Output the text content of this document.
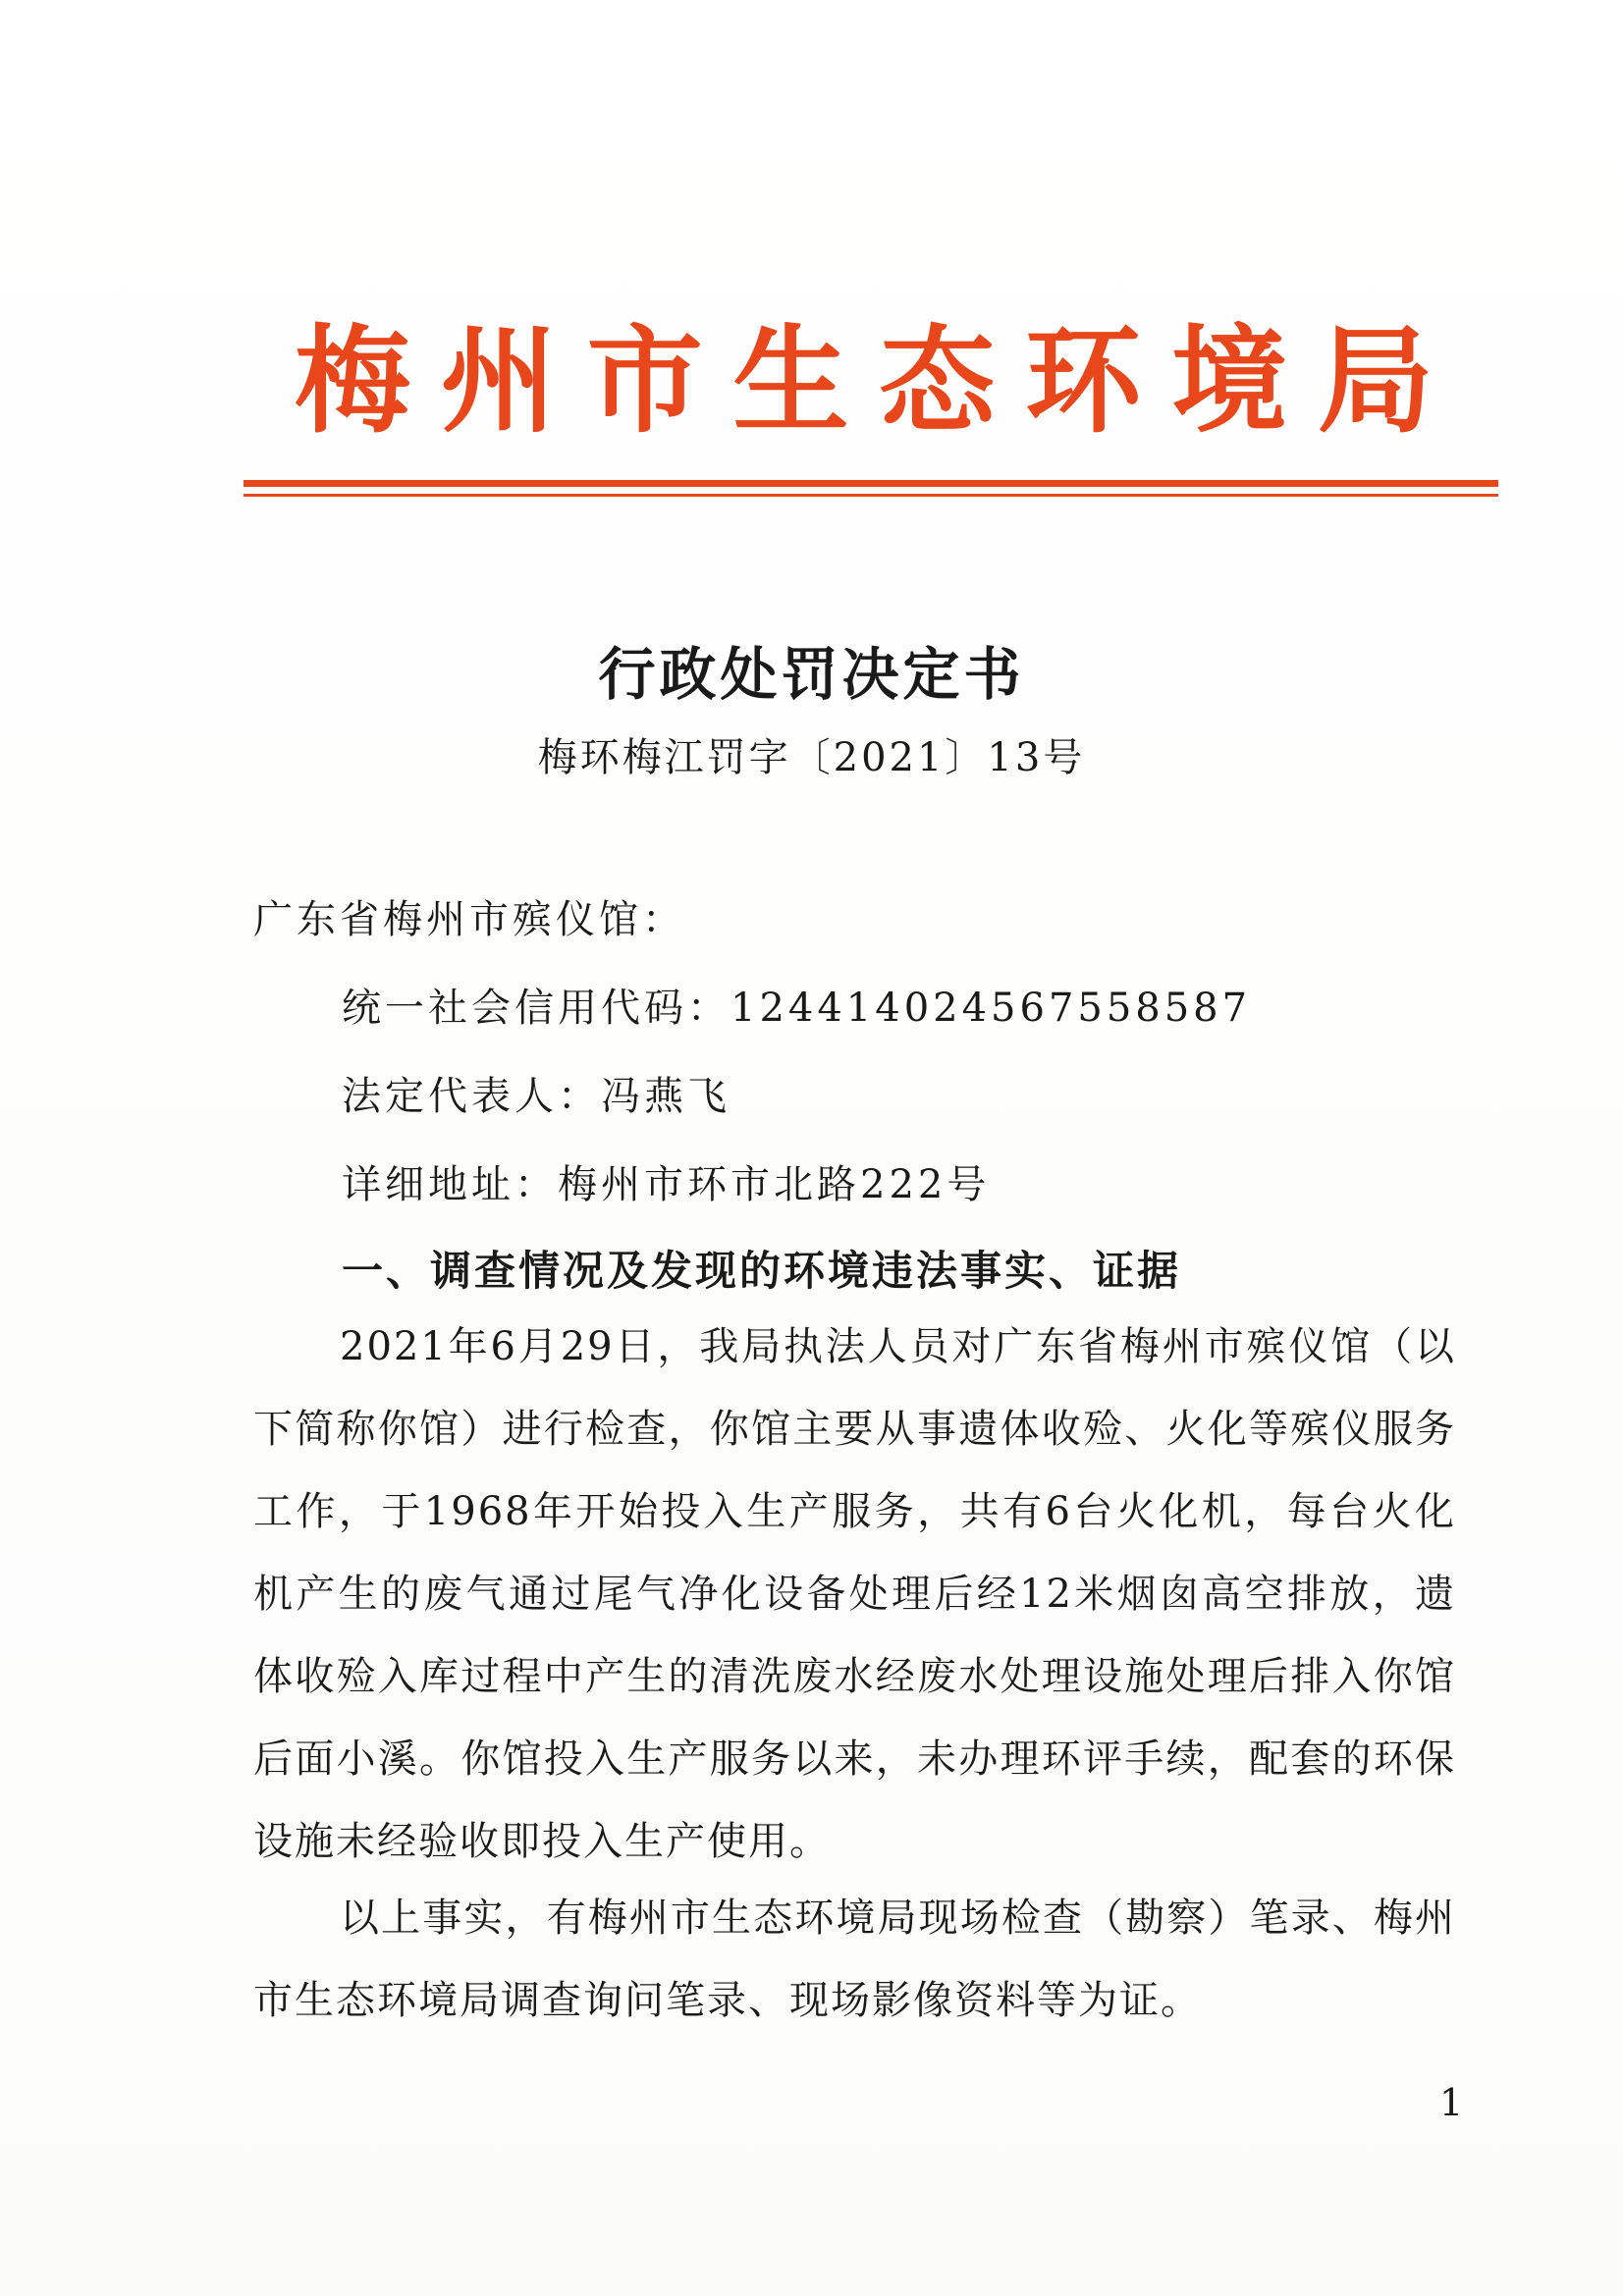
梅 州 市 生 态 环 境 局
行政处罚决定书
梅环梅江罚字〔2021〕13号
广东省梅州市殡仪馆：
统一社会信用代码：124414024567558587
法定代表人：冯燕飞
详细地址：梅州市环市北路222号
一、调查情况及发现的环境违法事实、证据
2021年6月29日，我局执法人员对广东省梅州市殡仪馆（以下简称你馆）进行检查，你馆主要从事遗体收殓、火化等殡仪服务工作，于1968年开始投入生产服务，共有6台火化机，每台火化机产生的废气通过尾气净化设备处理后经12米烟囱高空排放，遗体收殓入库过程中产生的清洗废水经废水处理设施处理后排入你馆后面小溪。你馆投入生产服务以来，未办理环评手续，配套的环保设施未经验收即投入生产使用。
以上事实，有梅州市生态环境局现场检查（勘察）笔录、梅州市生态环境局调查询问笔录、现场影像资料等为证。
1
